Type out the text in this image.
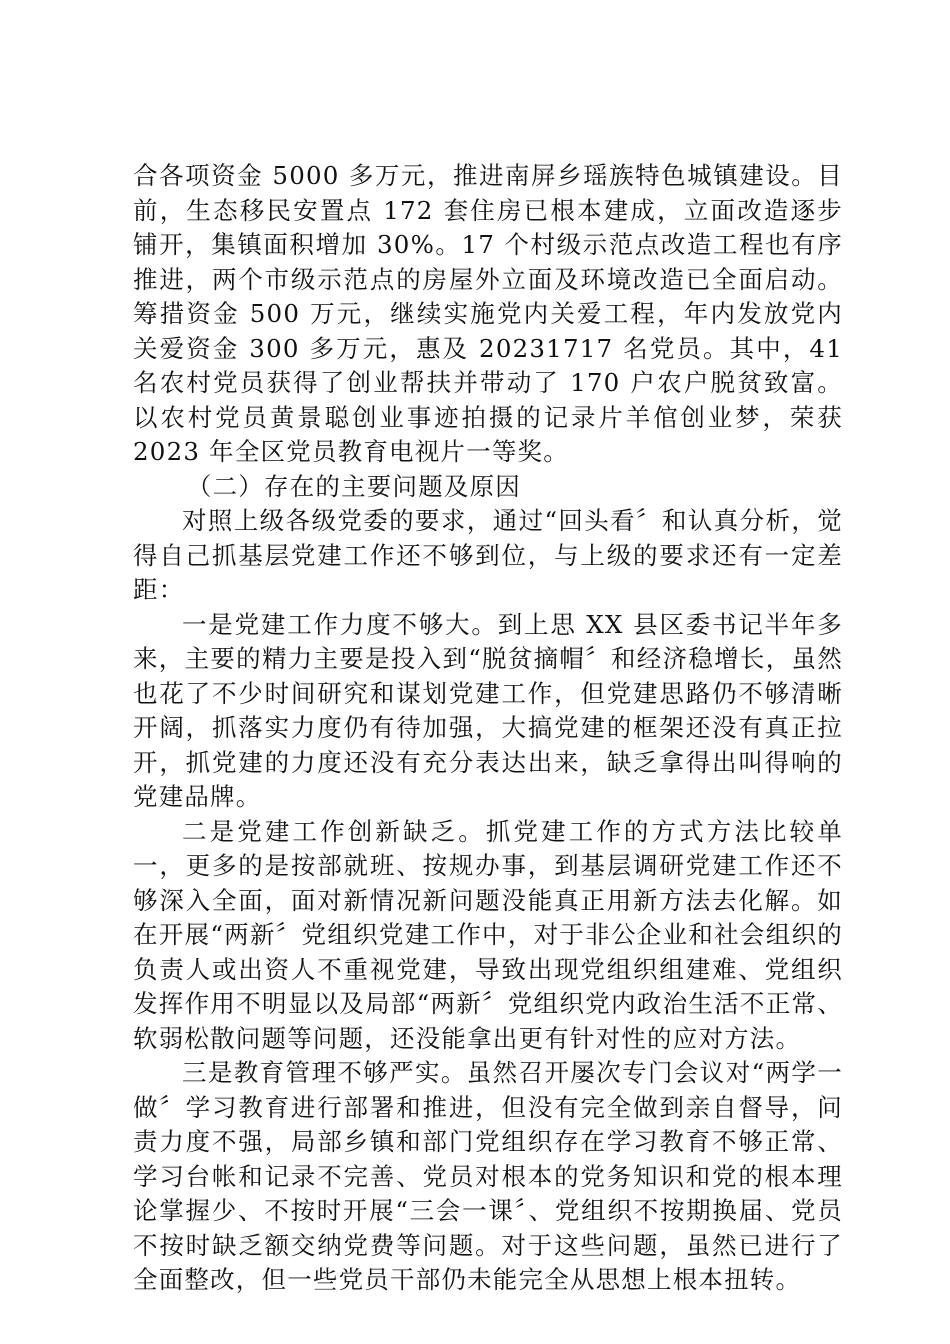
合各项资金 5000 多万元，推进南屏乡瑶族特色城镇建设。目前，生态移民安置点 172 套住房已根本建成，立面改造逐步铺开，集镇面积增加 30%。17 个村级示范点改造工程也有序推进，两个市级示范点的房屋外立面及环境改造已全面启动。筹措资金 500 万元，继续实施党内关爱工程，年内发放党内关爱资金 300 多万元，惠及 20231717 名党员。其中，41 名农村党员获得了创业帮扶并带动了 170 户农户脱贫致富。以农村党员黄景聪创业事迹拍摄的记录片羊倌创业梦，荣获 2023 年全区党员教育电视片一等奖。

（二）存在的主要问题及原因

对照上级各级党委的要求，通过“回头看〞和认真分析，觉得自己抓基层党建工作还不够到位，与上级的要求还有一定差距：

一是党建工作力度不够大。到上思 XX 县区委书记半年多来，主要的精力主要是投入到“脱贫摘帽〞和经济稳增长，虽然也花了不少时间研究和谋划党建工作，但党建思路仍不够清晰开阔，抓落实力度仍有待加强，大搞党建的框架还没有真正拉开，抓党建的力度还没有充分表达出来，缺乏拿得出叫得响的党建品牌。

二是党建工作创新缺乏。抓党建工作的方式方法比较单一，更多的是按部就班、按规办事，到基层调研党建工作还不够深入全面，面对新情况新问题没能真正用新方法去化解。如在开展“两新〞党组织党建工作中，对于非公企业和社会组织的负责人或出资人不重视党建，导致出现党组织组建难、党组织发挥作用不明显以及局部“两新〞党组织党内政治生活不正常、软弱松散问题等问题，还没能拿出更有针对性的应对方法。

三是教育管理不够严实。虽然召开屡次专门会议对“两学一做〞学习教育进行部署和推进，但没有完全做到亲自督导，问责力度不强，局部乡镇和部门党组织存在学习教育不够正常、学习台帐和记录不完善、党员对根本的党务知识和党的根本理论掌握少、不按时开展“三会一课〞、党组织不按期换届、党员不按时缺乏额交纳党费等问题。对于这些问题，虽然已进行了全面整改，但一些党员干部仍未能完全从思想上根本扭转。
